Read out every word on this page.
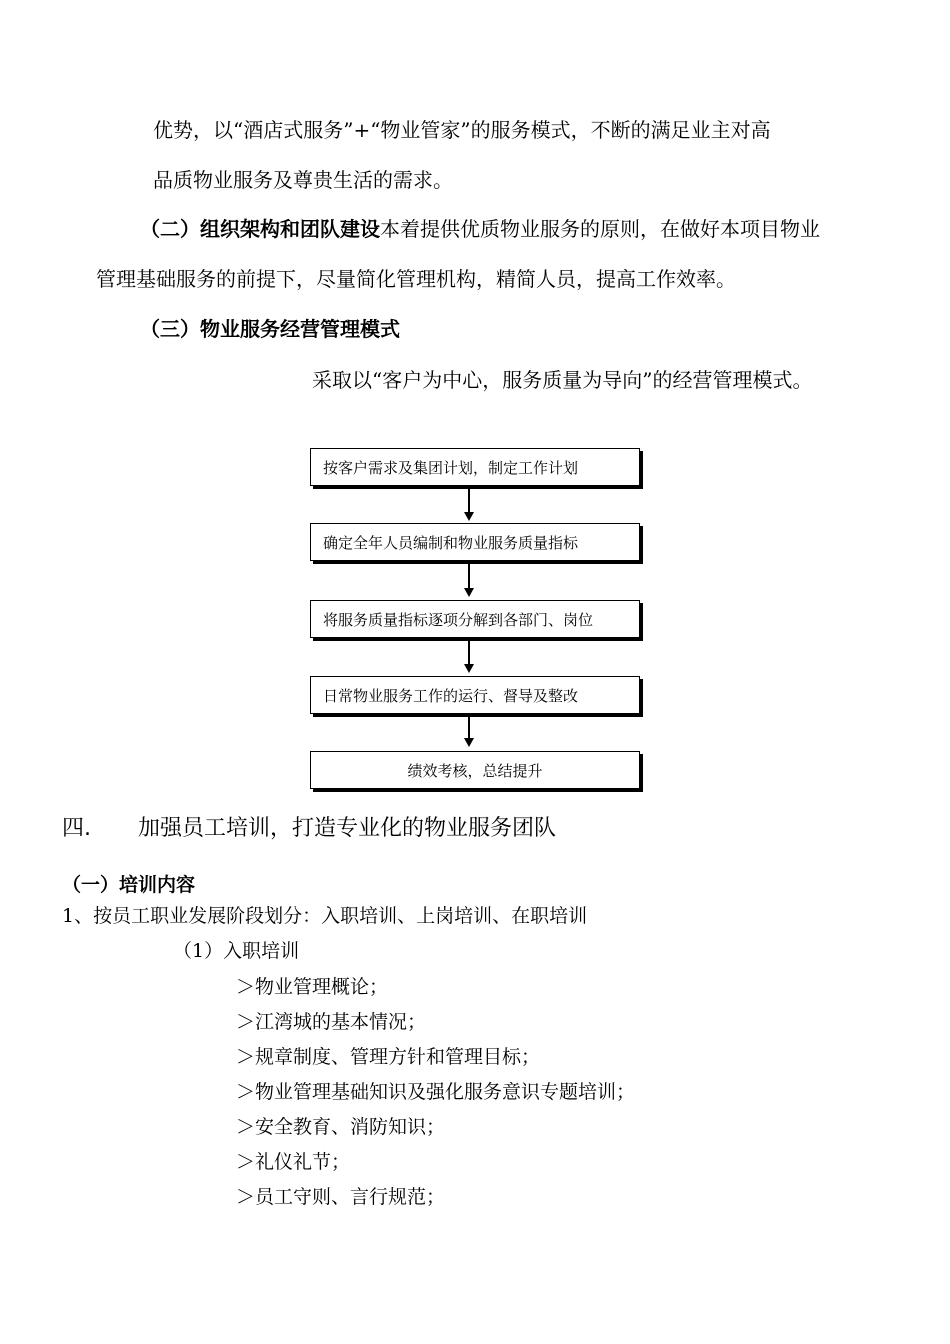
优势，以“酒店式服务”+“物业管家”的服务模式，不断的满足业主对高
品质物业服务及尊贵生活的需求。
（二）组织架构和团队建设本着提供优质物业服务的原则，在做好本项目物业
管理基础服务的前提下，尽量简化管理机构，精简人员，提高工作效率。
（三）物业服务经营管理模式
采取以“客户为中心，服务质量为导向”的经营管理模式。
按客户需求及集团计划，制定工作计划
确定全年人员编制和物业服务质量指标
将服务质量指标逐项分解到各部门、岗位
日常物业服务工作的运行、督导及整改
绩效考核，总结提升
四. 加强员工培训，打造专业化的物业服务团队
（一）培训内容
1、按员工职业发展阶段划分：入职培训、上岗培训、在职培训
（1）入职培训
＞物业管理概论；
＞江湾城的基本情况；
＞规章制度、管理方针和管理目标；
＞物业管理基础知识及强化服务意识专题培训；
＞安全教育、消防知识；
＞礼仪礼节；
＞员工守则、言行规范；
